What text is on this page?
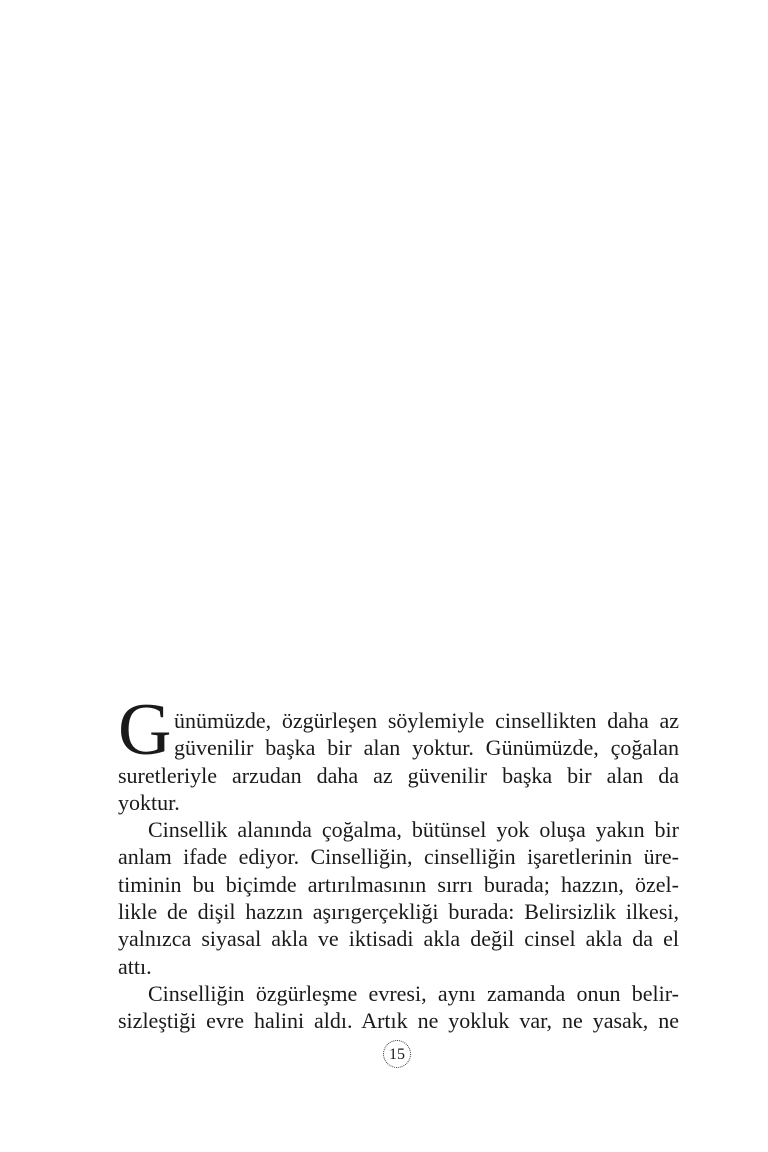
G ünümüzde, özgürleşen söylemiyle cinsellikten daha az
güvenilir başka bir alan yoktur. Günümüzde, çoğalan
suretleriyle arzudan daha az güvenilir başka bir alan da
yoktur.
Cinsellik alanında çoğalma, bütünsel yok oluşa yakın bir
anlam ifade ediyor. Cinselliğin, cinselliğin işaretlerinin üre-
timinin bu biçimde artırılmasının sırrı burada; hazzın, özel-
likle de dişil hazzın aşırıgerçekliği burada: Belirsizlik ilkesi,
yalnızca siyasal akla ve iktisadi akla değil cinsel akla da el
attı.
Cinselliğin özgürleşme evresi, aynı zamanda onun belir-
sizleştiği evre halini aldı. Artık ne yokluk var, ne yasak, ne
15
